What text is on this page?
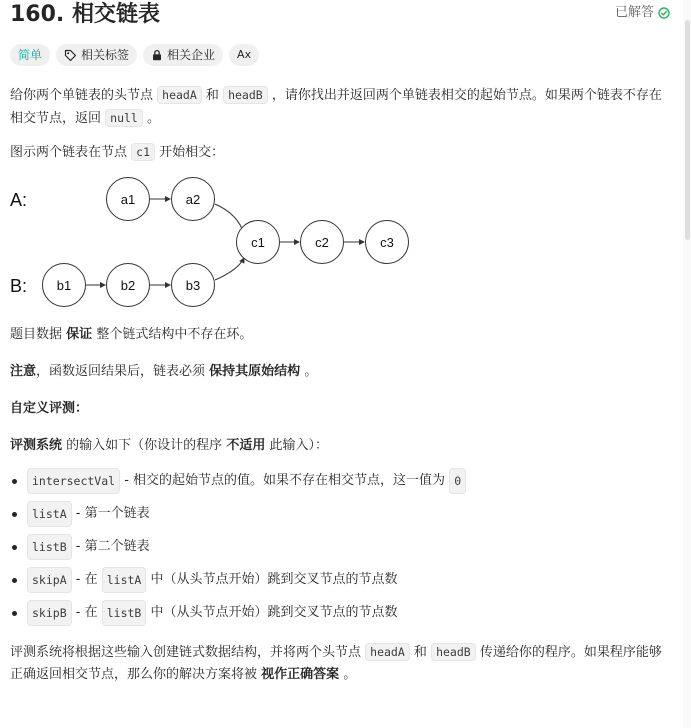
160. 相交链表	已解答
简单	相关标签	相关企业 Ax
给你两个单链表的头节点 headA 和 headB ，请你找出并返回两个单链表相交的起始节点。如果两个链表不存在相交节点，返回 null 。
图示两个链表在节点 c1 开始相交：
A:
B:
a1	a2
b1	b2	b3
c1	c2	c3
题目数据 保证 整个链式结构中不存在环。
注意，函数返回结果后，链表必须 保持其原始结构 。
自定义评测：
评测系统 的输入如下（你设计的程序 不适用 此输入）：
intersectVal
- 相交的起始节点的值。如果不存在相交节点，这一值为
0
listA
- 第一个链表
listB
- 第二个链表
skipA
- 在
listA
中（从头节点开始）跳到交叉节点的节点数
skipB
- 在
listB
中（从头节点开始）跳到交叉节点的节点数
评测系统将根据这些输入创建链式数据结构，并将两个头节点 headA 和 headB 传递给你的程序。如果程序能够正确返回相交节点，那么你的解决方案将被 视作正确答案 。
